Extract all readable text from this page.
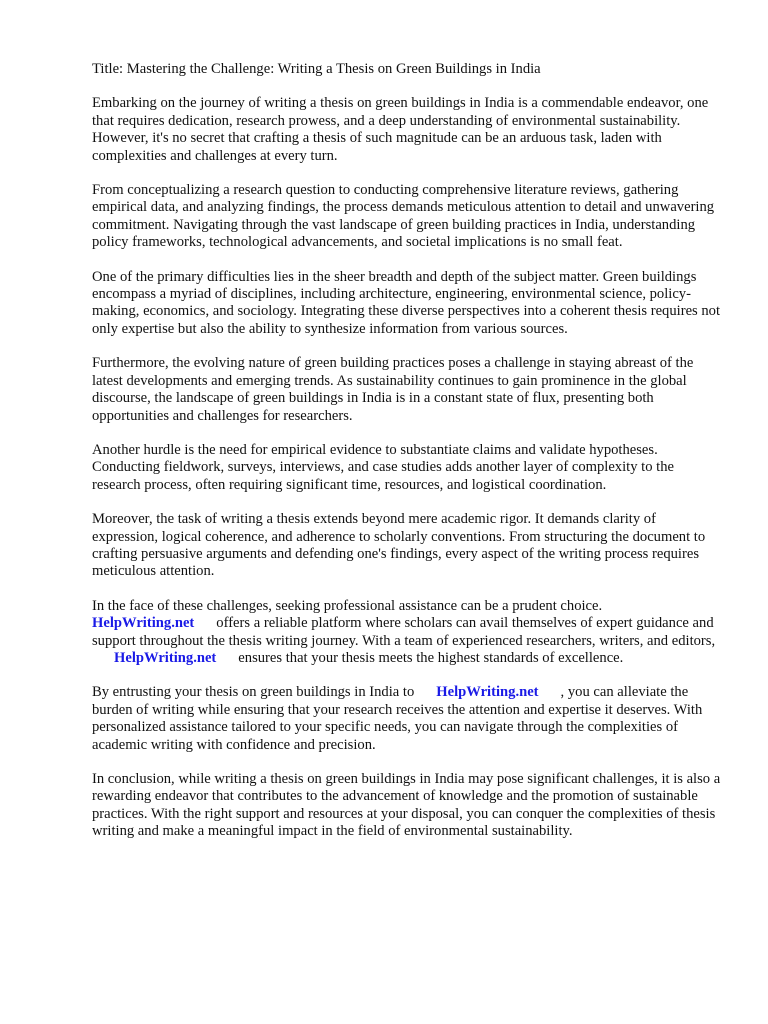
Title: Mastering the Challenge: Writing a Thesis on Green Buildings in India

Embarking on the journey of writing a thesis on green buildings in India is a commendable endeavor, one that requires dedication, research prowess, and a deep understanding of environmental sustainability. However, it's no secret that crafting a thesis of such magnitude can be an arduous task, laden with complexities and challenges at every turn.

From conceptualizing a research question to conducting comprehensive literature reviews, gathering empirical data, and analyzing findings, the process demands meticulous attention to detail and unwavering commitment. Navigating through the vast landscape of green building practices in India, understanding policy frameworks, technological advancements, and societal implications is no small feat.

One of the primary difficulties lies in the sheer breadth and depth of the subject matter. Green buildings encompass a myriad of disciplines, including architecture, engineering, environmental science, policy-making, economics, and sociology. Integrating these diverse perspectives into a coherent thesis requires not only expertise but also the ability to synthesize information from various sources.

Furthermore, the evolving nature of green building practices poses a challenge in staying abreast of the latest developments and emerging trends. As sustainability continues to gain prominence in the global discourse, the landscape of green buildings in India is in a constant state of flux, presenting both opportunities and challenges for researchers.

Another hurdle is the need for empirical evidence to substantiate claims and validate hypotheses. Conducting fieldwork, surveys, interviews, and case studies adds another layer of complexity to the research process, often requiring significant time, resources, and logistical coordination.

Moreover, the task of writing a thesis extends beyond mere academic rigor. It demands clarity of expression, logical coherence, and adherence to scholarly conventions. From structuring the document to crafting persuasive arguments and defending one's findings, every aspect of the writing process requires meticulous attention.

In the face of these challenges, seeking professional assistance can be a prudent choice.
HelpWriting.net offers a reliable platform where scholars can avail themselves of expert guidance and support throughout the thesis writing journey. With a team of experienced researchers, writers, and editors,HelpWriting.net ensures that your thesis meets the highest standards of excellence.

By entrusting your thesis on green buildings in India to HelpWriting.net , you can alleviate the burden of writing while ensuring that your research receives the attention and expertise it deserves. With personalized assistance tailored to your specific needs, you can navigate through the complexities of academic writing with confidence and precision.

In conclusion, while writing a thesis on green buildings in India may pose significant challenges, it is also a rewarding endeavor that contributes to the advancement of knowledge and the promotion of sustainable practices. With the right support and resources at your disposal, you can conquer the complexities of thesis writing and make a meaningful impact in the field of environmental sustainability.
